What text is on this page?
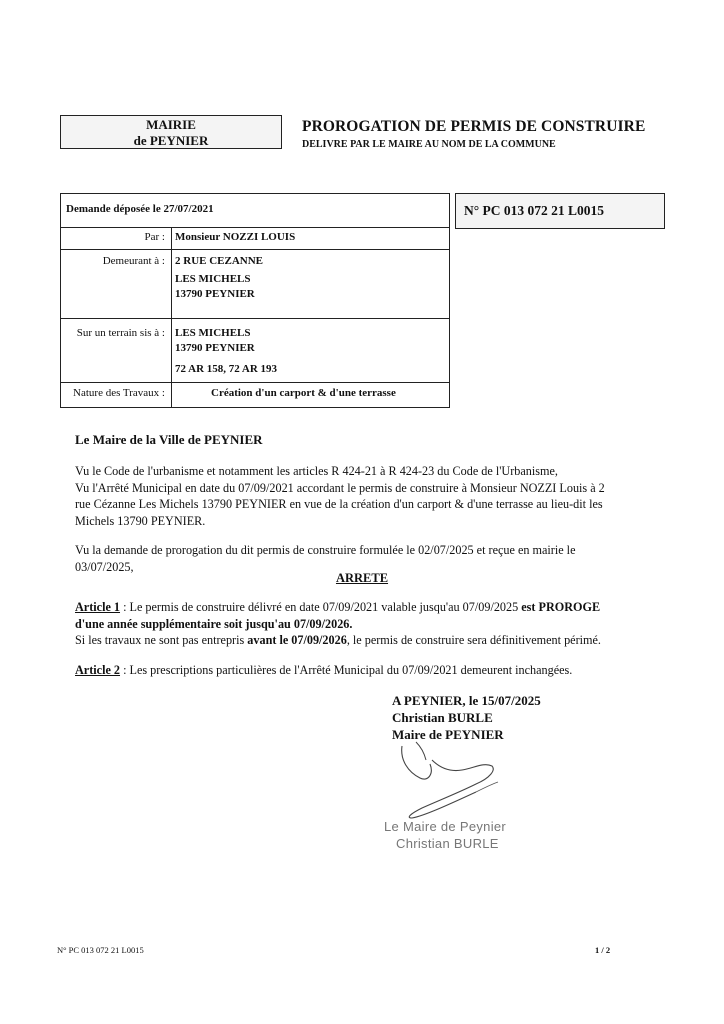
MAIRIE
de PEYNIER
PROROGATION DE PERMIS DE CONSTRUIRE
DELIVRE PAR LE MAIRE AU NOM DE LA COMMUNE
Demande déposée le 27/07/2021
Par : Monsieur NOZZI LOUIS
Demeurant à : 2 RUE CEZANNE
LES MICHELS
13790 PEYNIER
Sur un terrain sis à : LES MICHELS
13790 PEYNIER
72 AR 158, 72 AR 193
Nature des Travaux :	Création d'un carport & d'une terrasse
N° PC 013 072 21 L0015
Le Maire de la Ville de PEYNIER
Vu le Code de l'urbanisme et notamment les articles R 424-21 à R 424-23 du Code de l'Urbanisme,
Vu l'Arrêté Municipal en date du 07/09/2021 accordant le permis de construire à Monsieur NOZZI Louis à 2
rue Cézanne Les Michels 13790 PEYNIER en vue de la création d'un carport & d'une terrasse au lieu-dit les
Michels 13790 PEYNIER.
Vu la demande de prorogation du dit permis de construire formulée le 02/07/2025 et reçue en mairie le
03/07/2025,
ARRETE
Article 1 : Le permis de construire délivré en date 07/09/2021 valable jusqu'au 07/09/2025 est PROROGE
d'une année supplémentaire soit jusqu'au 07/09/2026.
Si les travaux ne sont pas entrepris avant le 07/09/2026, le permis de construire sera définitivement périmé.
Article 2 : Les prescriptions particulières de l'Arrêté Municipal du 07/09/2021 demeurent inchangées.
A PEYNIER, le 15/07/2025
Christian BURLE
Maire de PEYNIER
Le Maire de Peynier
Christian BURLE
N° PC 013 072 21 L0015	1 / 2
